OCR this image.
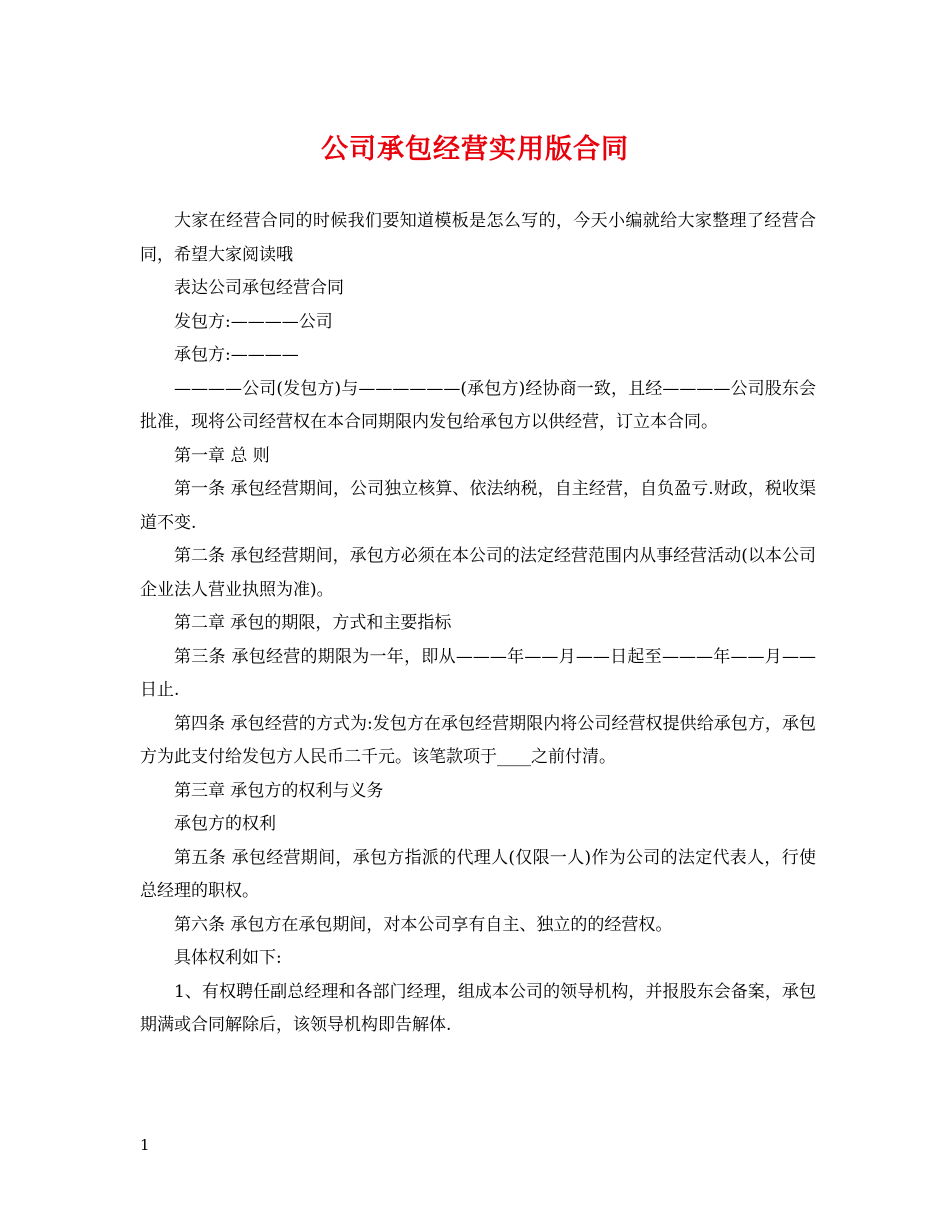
公司承包经营实用版合同

大家在经营合同的时候我们要知道模板是怎么写的，今天小编就给大家整理了经营合同，希望大家阅读哦

表达公司承包经营合同

发包方:————公司

承包方:————

————公司(发包方)与——————(承包方)经协商一致，且经————公司股东会批准，现将公司经营权在本合同期限内发包给承包方以供经营，订立本合同。

第一章 总 则

第一条 承包经营期间，公司独立核算、依法纳税，自主经营，自负盈亏.财政，税收渠道不变.

第二条 承包经营期间，承包方必须在本公司的法定经营范围内从事经营活动(以本公司企业法人营业执照为准)。

第二章 承包的期限，方式和主要指标

第三条 承包经营的期限为一年，即从———年——月——日起至———年——月——日止.

第四条 承包经营的方式为:发包方在承包经营期限内将公司经营权提供给承包方，承包方为此支付给发包方人民币二千元。该笔款项于____之前付清。

第三章 承包方的权利与义务

承包方的权利

第五条 承包经营期间，承包方指派的代理人(仅限一人)作为公司的法定代表人，行使总经理的职权。

第六条 承包方在承包期间，对本公司享有自主、独立的的经营权。

具体权利如下:

1、有权聘任副总经理和各部门经理，组成本公司的领导机构，并报股东会备案，承包期满或合同解除后，该领导机构即告解体.

1
